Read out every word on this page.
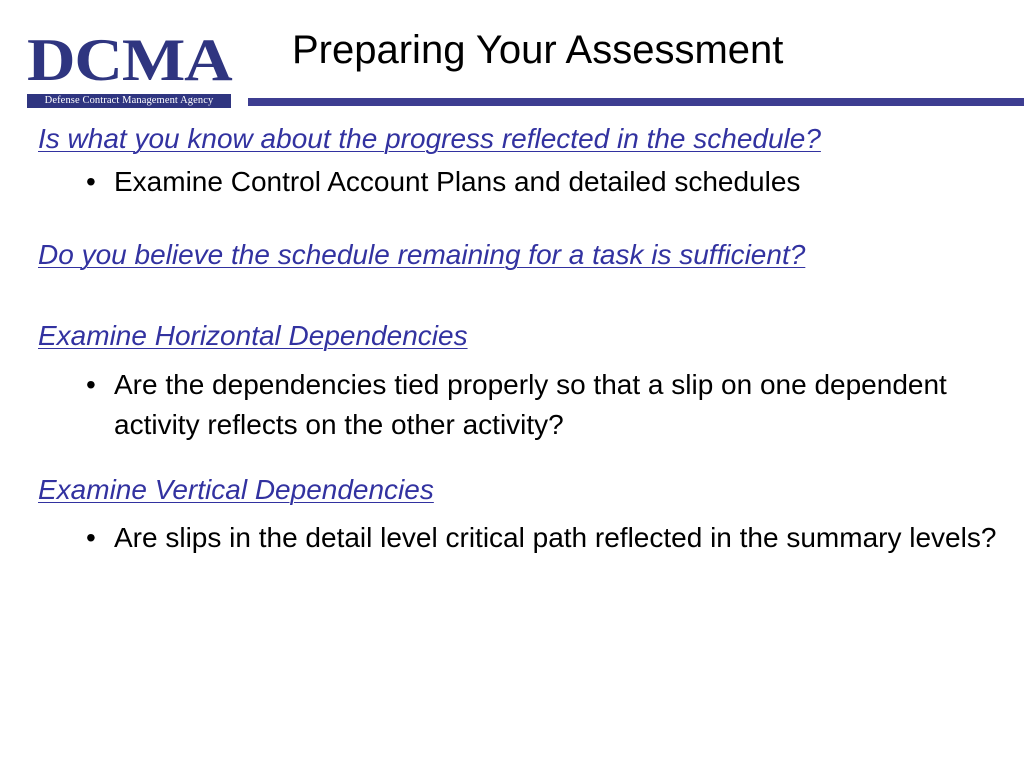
DCMA
Defense Contract Management Agency
Preparing Your Assessment

Is what you know about the progress reflected in the schedule?

• Examine Control Account Plans and detailed schedules

Do you believe the schedule remaining for a task is sufficient?

Examine Horizontal Dependencies

• Are the dependencies tied properly so that a slip on one dependent activity reflects on the other activity?

Examine Vertical Dependencies

• Are slips in the detail level critical path reflected in the summary levels?
